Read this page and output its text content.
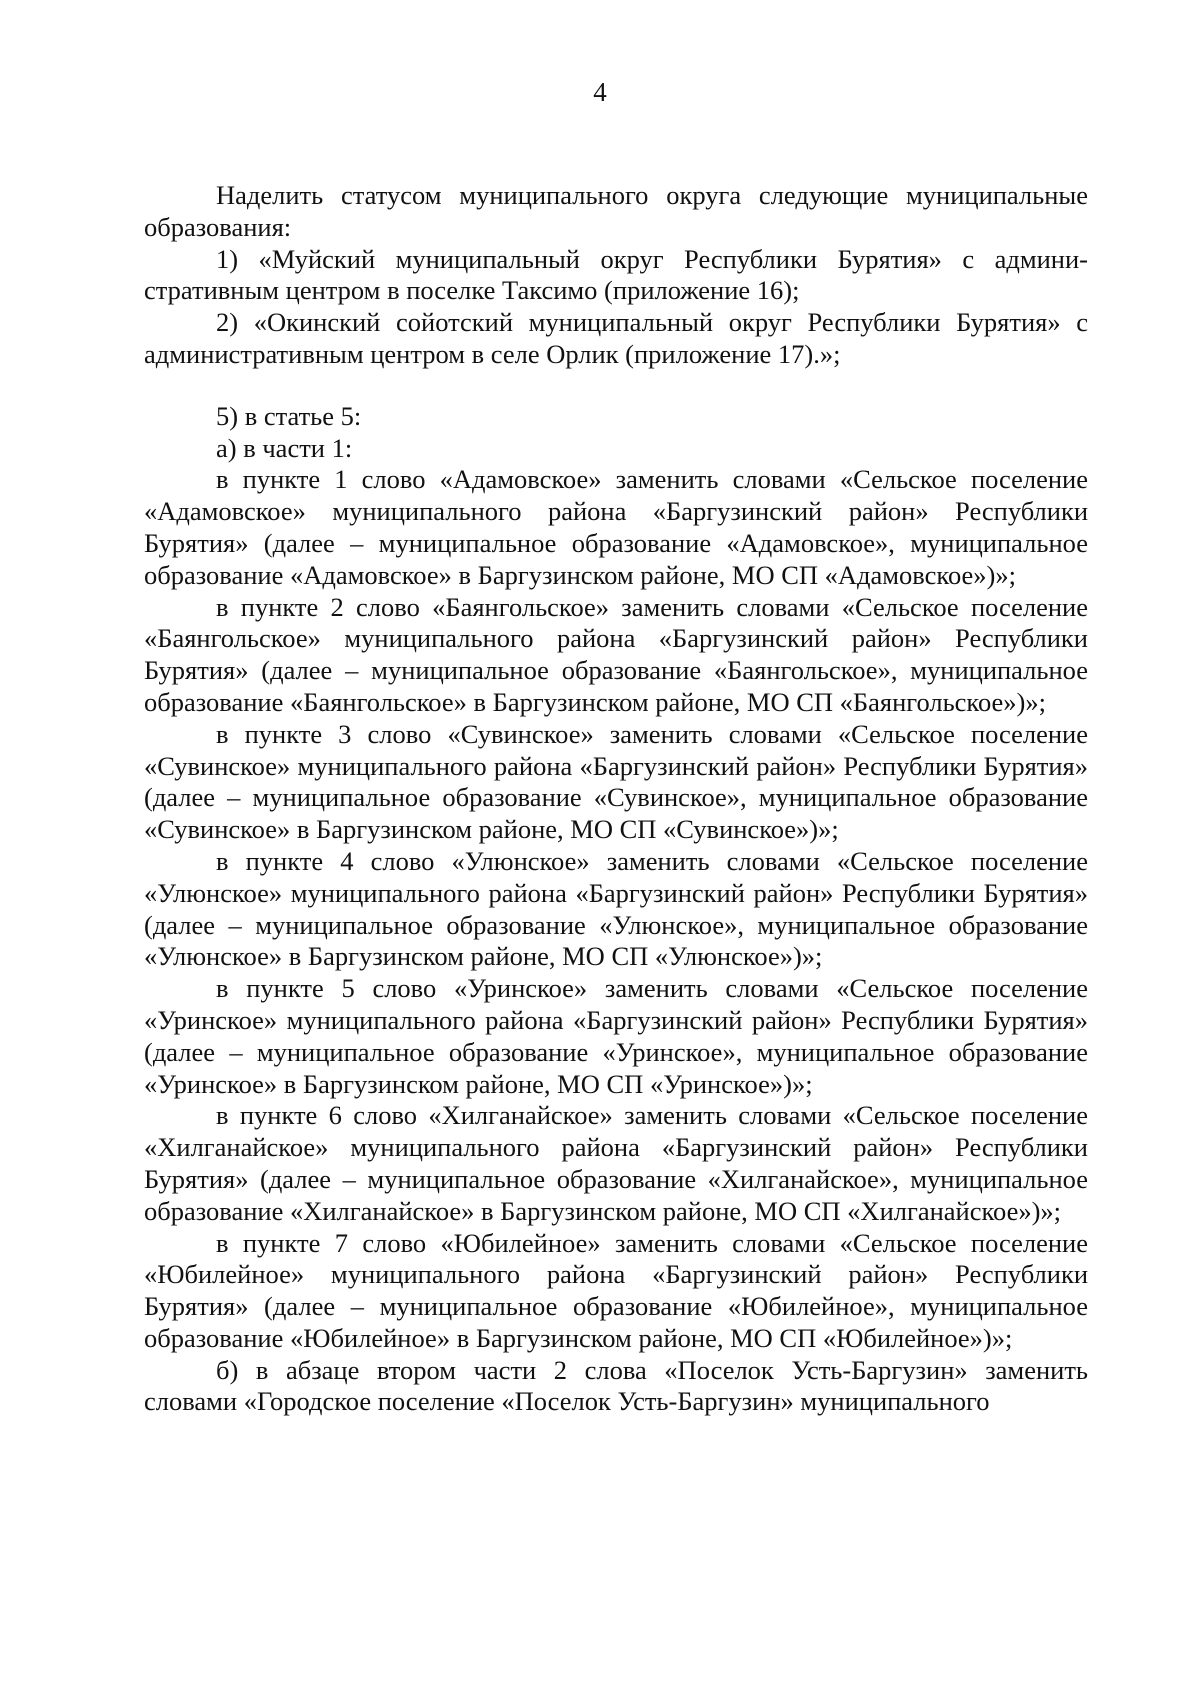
4

Наделить статусом муниципального округа следующие муниципальные образования:

1) «Муйский муниципальный округ Республики Бурятия» с административным центром в поселке Таксимо (приложение 16);

2) «Окинский сойотский муниципальный округ Республики Бурятия» с административным центром в селе Орлик (приложение 17).»;

5) в статье 5:

а) в части 1:

в пункте 1 слово «Адамовское» заменить словами «Сельское поселение «Адамовское» муниципального района «Баргузинский район» Республики Бурятия» (далее – муниципальное образование «Адамовское», муниципальное образование «Адамовское» в Баргузинском районе, МО СП «Адамовское»)»;

в пункте 2 слово «Баянгольское» заменить словами «Сельское поселение «Баянгольское» муниципального района «Баргузинский район» Республики Бурятия» (далее – муниципальное образование «Баянгольское», муниципальное образование «Баянгольское» в Баргузинском районе, МО СП «Баянгольское»)»;

в пункте 3 слово «Сувинское» заменить словами «Сельское поселение «Сувинское» муниципального района «Баргузинский район» Республики Бурятия» (далее – муниципальное образование «Сувинское», муниципальное образование «Сувинское» в Баргузинском районе, МО СП «Сувинское»)»;

в пункте 4 слово «Улюнское» заменить словами «Сельское поселение «Улюнское» муниципального района «Баргузинский район» Республики Бурятия» (далее – муниципальное образование «Улюнское», муниципальное образование «Улюнское» в Баргузинском районе, МО СП «Улюнское»)»;

в пункте 5 слово «Уринское» заменить словами «Сельское поселение «Уринское» муниципального района «Баргузинский район» Республики Бурятия» (далее – муниципальное образование «Уринское», муниципальное образование «Уринское» в Баргузинском районе, МО СП «Уринское»)»;

в пункте 6 слово «Хилганайское» заменить словами «Сельское поселение «Хилганайское» муниципального района «Баргузинский район» Республики Бурятия» (далее – муниципальное образование «Хилганайское», муниципальное образование «Хилганайское» в Баргузинском районе, МО СП «Хилганайское»)»;

в пункте 7 слово «Юбилейное» заменить словами «Сельское поселение «Юбилейное» муниципального района «Баргузинский район» Республики Бурятия» (далее – муниципальное образование «Юбилейное», муниципальное образование «Юбилейное» в Баргузинском районе, МО СП «Юбилейное»)»;

б) в абзаце втором части 2 слова «Поселок Усть-Баргузин» заменить словами «Городское поселение «Поселок Усть-Баргузин» муниципального
